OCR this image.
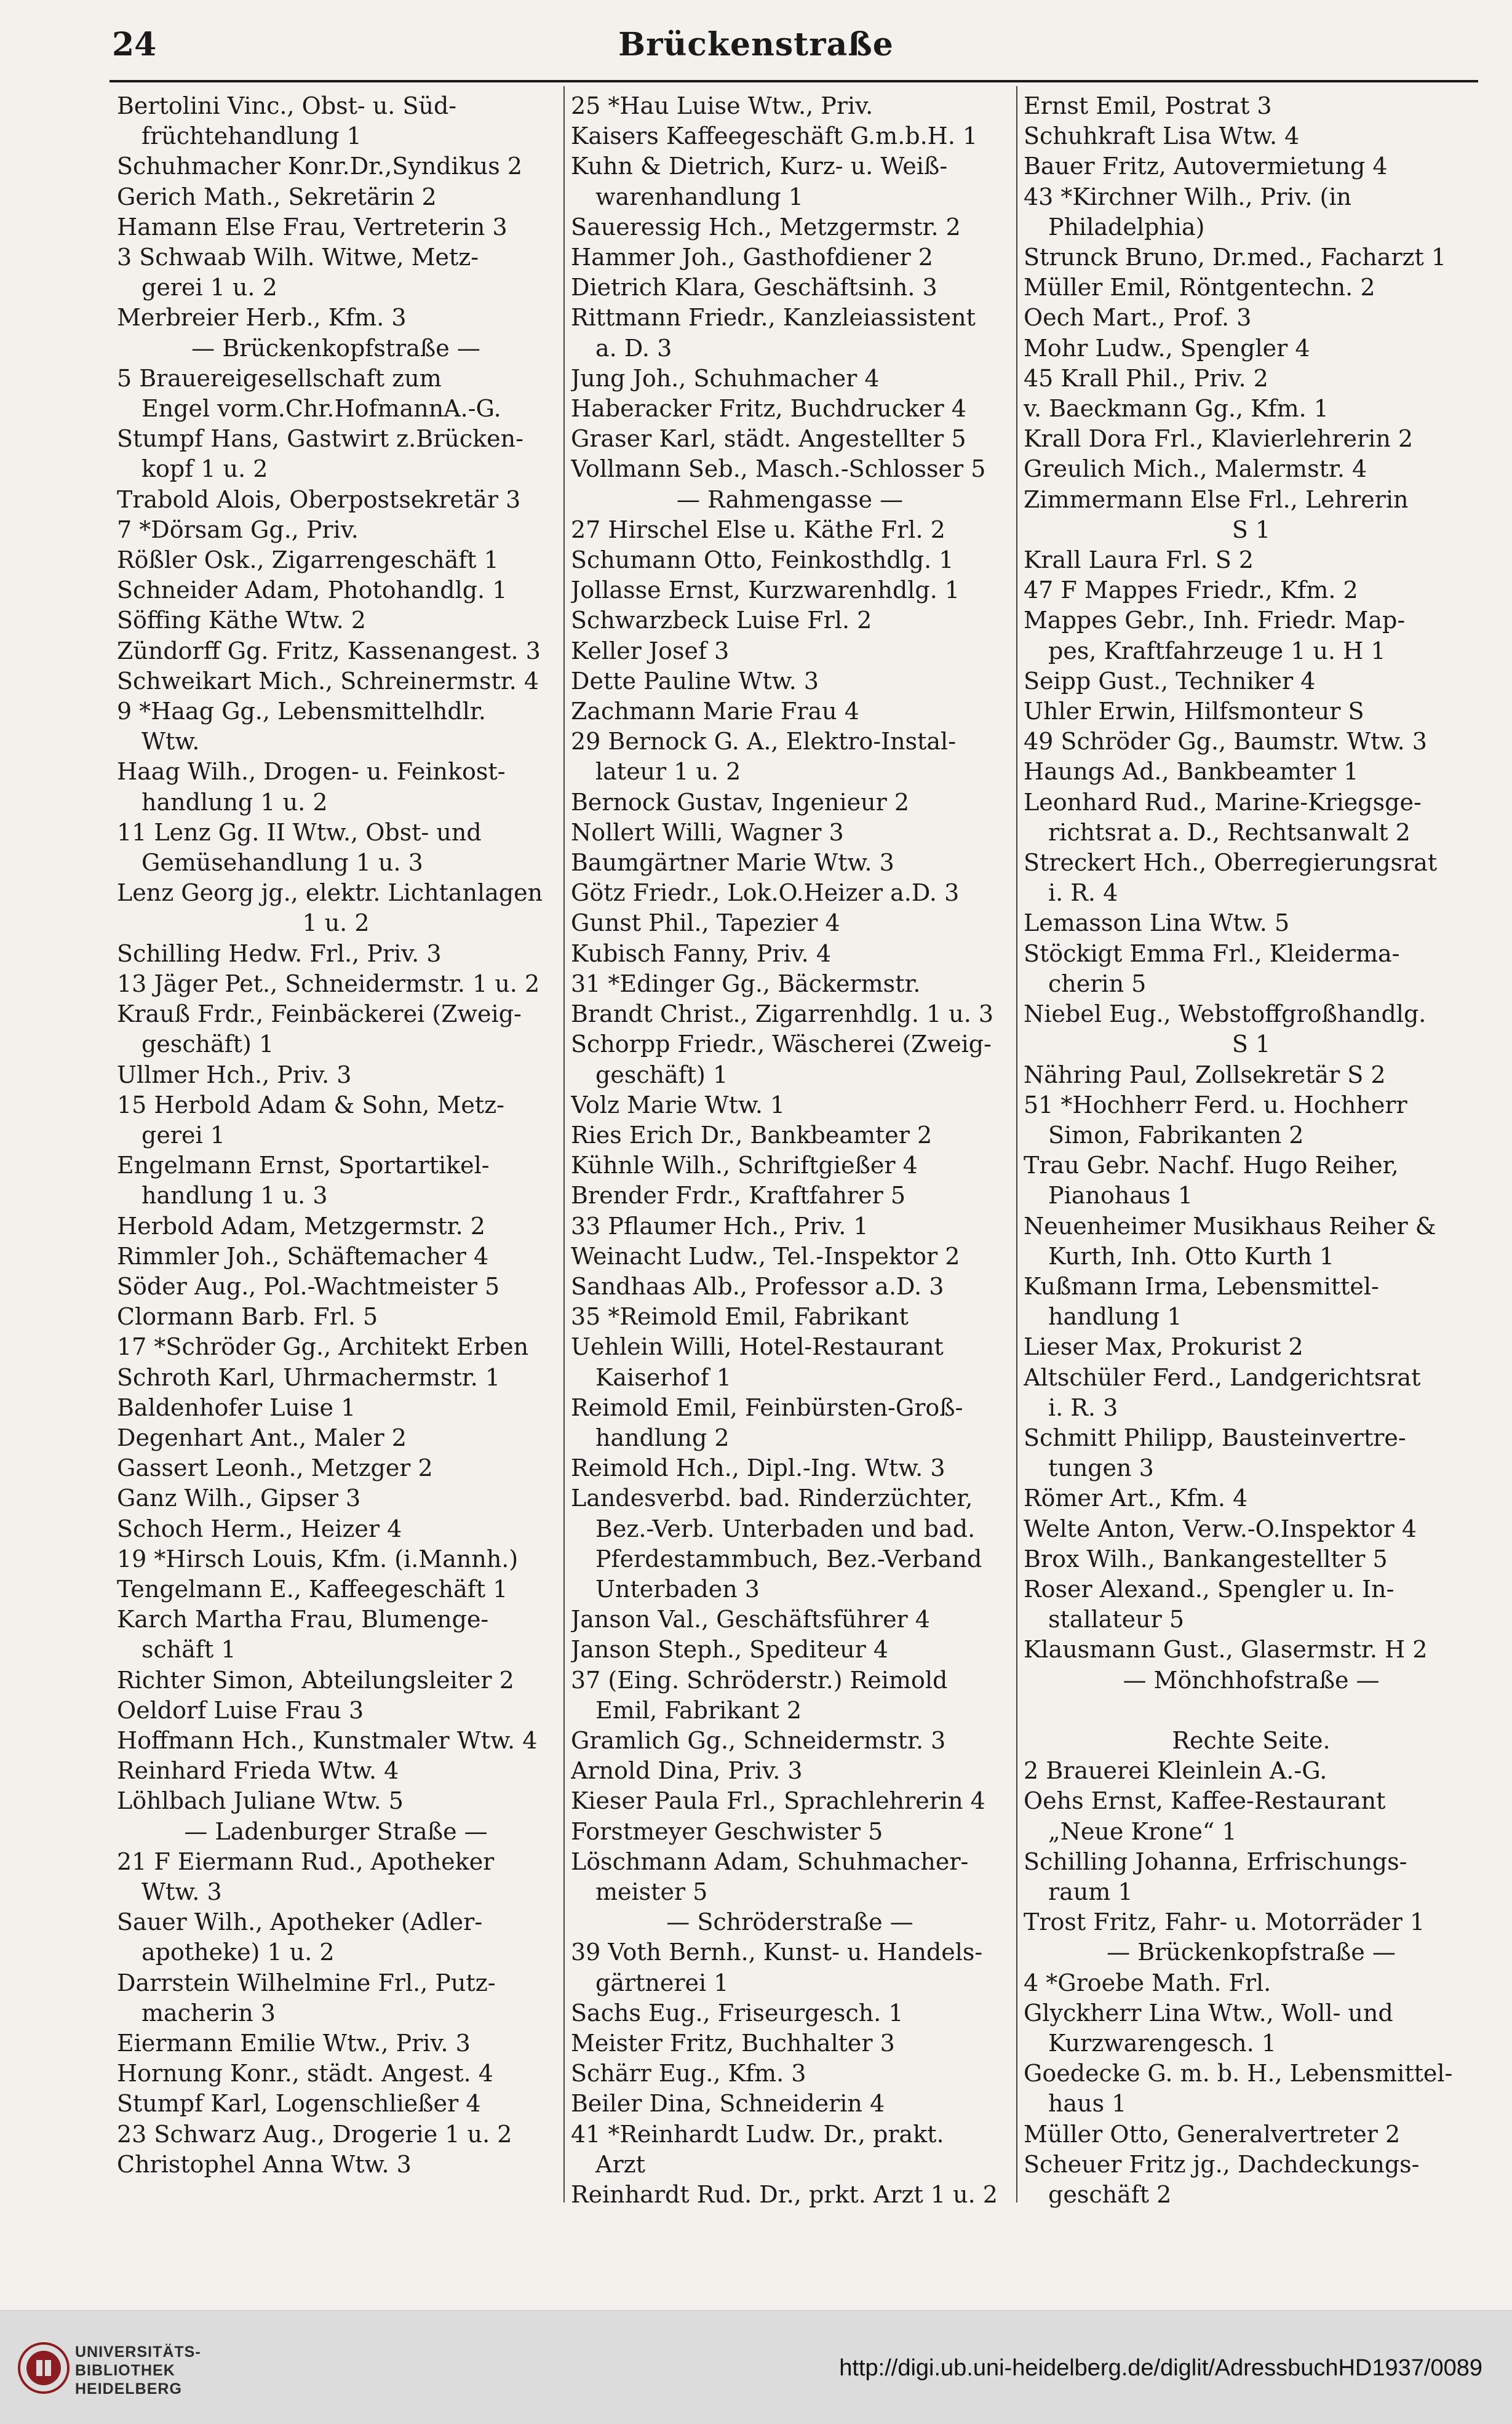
24	Brückenstraße
Bertolini Vinc., Obst- u. Süd-
früchtehandlung 1
Schuhmacher Konr.Dr.,Syndikus 2
Gerich Math., Sekretärin 2
Hamann Else Frau, Vertreterin 3
3 Schwaab Wilh. Witwe, Metz-
gerei 1 u. 2
Merbreier Herb., Kfm. 3
— Brückenkopfstraße —
5 Brauereigesellschaft zum
Engel vorm.Chr.HofmannA.-G.
Stumpf Hans, Gastwirt z.Brücken-
kopf 1 u. 2
Trabold Alois, Oberpostsekretär 3
7 *Dörsam Gg., Priv.
Rößler Osk., Zigarrengeschäft 1
Schneider Adam, Photohandlg. 1
Söffing Käthe Wtw. 2
Zündorff Gg. Fritz, Kassenangest. 3
Schweikart Mich., Schreinermstr. 4
9 *Haag Gg., Lebensmittelhdlr.
Wtw.
Haag Wilh., Drogen- u. Feinkost-
handlung 1 u. 2
11 Lenz Gg. II Wtw., Obst- und
Gemüsehandlung 1 u. 3
Lenz Georg jg., elektr. Lichtanlagen
1 u. 2
Schilling Hedw. Frl., Priv. 3
13 Jäger Pet., Schneidermstr. 1 u. 2
Krauß Frdr., Feinbäckerei (Zweig-
geschäft) 1
Ullmer Hch., Priv. 3
15 Herbold Adam & Sohn, Metz-
gerei 1
Engelmann Ernst, Sportartikel-
handlung 1 u. 3
Herbold Adam, Metzgermstr. 2
Rimmler Joh., Schäftemacher 4
Söder Aug., Pol.-Wachtmeister 5
Clormann Barb. Frl. 5
17 *Schröder Gg., Architekt Erben
Schroth Karl, Uhrmachermstr. 1
Baldenhofer Luise 1
Degenhart Ant., Maler 2
Gassert Leonh., Metzger 2
Ganz Wilh., Gipser 3
Schoch Herm., Heizer 4
19 *Hirsch Louis, Kfm. (i.Mannh.)
Tengelmann E., Kaffeegeschäft 1
Karch Martha Frau, Blumenge-
schäft 1
Richter Simon, Abteilungsleiter 2
Oeldorf Luise Frau 3
Hoffmann Hch., Kunstmaler Wtw. 4
Reinhard Frieda Wtw. 4
Löhlbach Juliane Wtw. 5
— Ladenburger Straße —
21 F Eiermann Rud., Apotheker
Wtw. 3
Sauer Wilh., Apotheker (Adler-
apotheke) 1 u. 2
Darrstein Wilhelmine Frl., Putz-
macherin 3
Eiermann Emilie Wtw., Priv. 3
Hornung Konr., städt. Angest. 4
Stumpf Karl, Logenschließer 4
23 Schwarz Aug., Drogerie 1 u. 2
Christophel Anna Wtw. 3
25 *Hau Luise Wtw., Priv.
Kaisers Kaffeegeschäft G.m.b.H. 1
Kuhn & Dietrich, Kurz- u. Weiß-
warenhandlung 1
Saueressig Hch., Metzgermstr. 2
Hammer Joh., Gasthofdiener 2
Dietrich Klara, Geschäftsinh. 3
Rittmann Friedr., Kanzleiassistent
a. D. 3
Jung Joh., Schuhmacher 4
Haberacker Fritz, Buchdrucker 4
Graser Karl, städt. Angestellter 5
Vollmann Seb., Masch.-Schlosser 5
— Rahmengasse —
27 Hirschel Else u. Käthe Frl. 2
Schumann Otto, Feinkosthdlg. 1
Jollasse Ernst, Kurzwarenhdlg. 1
Schwarzbeck Luise Frl. 2
Keller Josef 3
Dette Pauline Wtw. 3
Zachmann Marie Frau 4
29 Bernock G. A., Elektro-Instal-
lateur 1 u. 2
Bernock Gustav, Ingenieur 2
Nollert Willi, Wagner 3
Baumgärtner Marie Wtw. 3
Götz Friedr., Lok.O.Heizer a.D. 3
Gunst Phil., Tapezier 4
Kubisch Fanny, Priv. 4
31 *Edinger Gg., Bäckermstr.
Brandt Christ., Zigarrenhdlg. 1 u. 3
Schorpp Friedr., Wäscherei (Zweig-
geschäft) 1
Volz Marie Wtw. 1
Ries Erich Dr., Bankbeamter 2
Kühnle Wilh., Schriftgießer 4
Brender Frdr., Kraftfahrer 5
33 Pflaumer Hch., Priv. 1
Weinacht Ludw., Tel.-Inspektor 2
Sandhaas Alb., Professor a.D. 3
35 *Reimold Emil, Fabrikant
Uehlein Willi, Hotel-Restaurant
Kaiserhof 1
Reimold Emil, Feinbürsten-Groß-
handlung 2
Reimold Hch., Dipl.-Ing. Wtw. 3
Landesverbd. bad. Rinderzüchter,
Bez.-Verb. Unterbaden und bad.
Pferdestammbuch, Bez.-Verband
Unterbaden 3
Janson Val., Geschäftsführer 4
Janson Steph., Spediteur 4
37 (Eing. Schröderstr.) Reimold
Emil, Fabrikant 2
Gramlich Gg., Schneidermstr. 3
Arnold Dina, Priv. 3
Kieser Paula Frl., Sprachlehrerin 4
Forstmeyer Geschwister 5
Löschmann Adam, Schuhmacher-
meister 5
— Schröderstraße —
39 Voth Bernh., Kunst- u. Handels-
gärtnerei 1
Sachs Eug., Friseurgesch. 1
Meister Fritz, Buchhalter 3
Schärr Eug., Kfm. 3
Beiler Dina, Schneiderin 4
41 *Reinhardt Ludw. Dr., prakt.
Arzt
Reinhardt Rud. Dr., prkt. Arzt 1 u. 2
Ernst Emil, Postrat 3
Schuhkraft Lisa Wtw. 4
Bauer Fritz, Autovermietung 4
43 *Kirchner Wilh., Priv. (in
Philadelphia)
Strunck Bruno, Dr.med., Facharzt 1
Müller Emil, Röntgentechn. 2
Oech Mart., Prof. 3
Mohr Ludw., Spengler 4
45 Krall Phil., Priv. 2
v. Baeckmann Gg., Kfm. 1
Krall Dora Frl., Klavierlehrerin 2
Greulich Mich., Malermstr. 4
Zimmermann Else Frl., Lehrerin
S 1
Krall Laura Frl. S 2
47 F Mappes Friedr., Kfm. 2
Mappes Gebr., Inh. Friedr. Map-
pes, Kraftfahrzeuge 1 u. H 1
Seipp Gust., Techniker 4
Uhler Erwin, Hilfsmonteur S
49 Schröder Gg., Baumstr. Wtw. 3
Haungs Ad., Bankbeamter 1
Leonhard Rud., Marine-Kriegsge-
richtsrat a. D., Rechtsanwalt 2
Streckert Hch., Oberregierungsrat
i. R. 4
Lemasson Lina Wtw. 5
Stöckigt Emma Frl., Kleiderma-
cherin 5
Niebel Eug., Webstoffgroßhandlg.
S 1
Nähring Paul, Zollsekretär S 2
51 *Hochherr Ferd. u. Hochherr
Simon, Fabrikanten 2
Trau Gebr. Nachf. Hugo Reiher,
Pianohaus 1
Neuenheimer Musikhaus Reiher &
Kurth, Inh. Otto Kurth 1
Kußmann Irma, Lebensmittel-
handlung 1
Lieser Max, Prokurist 2
Altschüler Ferd., Landgerichtsrat
i. R. 3
Schmitt Philipp, Bausteinvertre-
tungen 3
Römer Art., Kfm. 4
Welte Anton, Verw.-O.Inspektor 4
Brox Wilh., Bankangestellter 5
Roser Alexand., Spengler u. In-
stallateur 5
Klausmann Gust., Glasermstr. H 2
— Mönchhofstraße —

Rechte Seite.
2 Brauerei Kleinlein A.-G.
Oehs Ernst, Kaffee-Restaurant
„Neue Krone“ 1
Schilling Johanna, Erfrischungs-
raum 1
Trost Fritz, Fahr- u. Motorräder 1
— Brückenkopfstraße —
4 *Groebe Math. Frl.
Glyckherr Lina Wtw., Woll- und
Kurzwarengesch. 1
Goedecke G. m. b. H., Lebensmittel-
haus 1
Müller Otto, Generalvertreter 2
Scheuer Fritz jg., Dachdeckungs-
geschäft 2
UNIVERSITÄTS-
BIBLIOTHEK
HEIDELBERG
http://digi.ub.uni-heidelberg.de/diglit/AdressbuchHD1937/0089
